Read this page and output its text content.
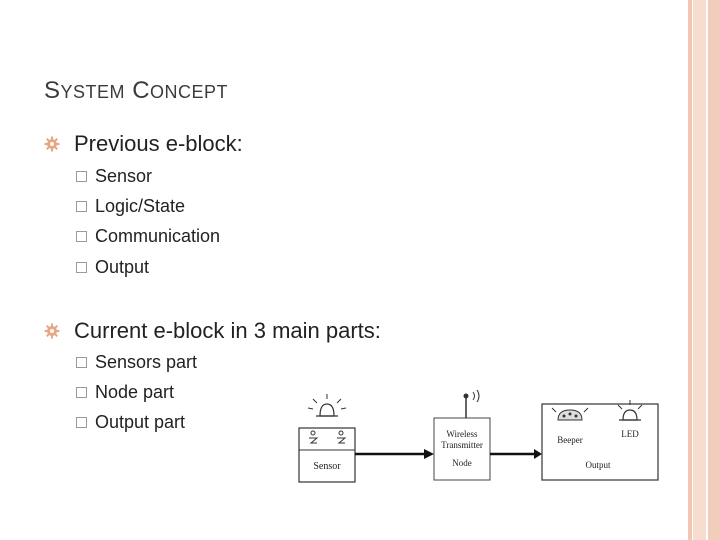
SYSTEM CONCEPT
Previous e-block:
Sensor
Logic/State
Communication
Output
Current e-block in 3 main parts:
Sensors part
Node part
Output part
Sensor
Wireless
Transmitter
Node
Beeper
LED
Output
